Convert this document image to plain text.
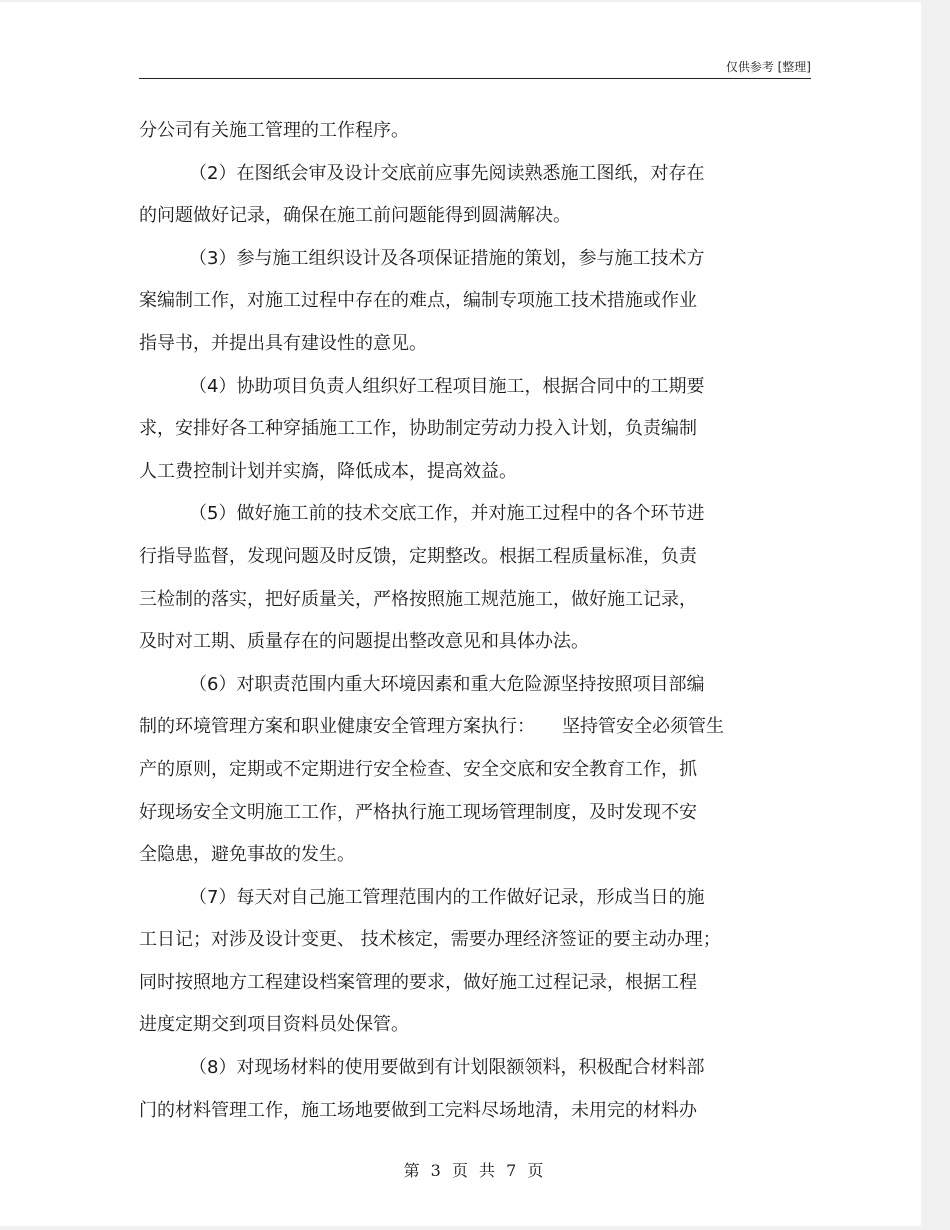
仅供参考 [整理]
分公司有关施工管理的工作程序。
（2）在图纸会审及设计交底前应事先阅读熟悉施工图纸，对存在
的问题做好记录，确保在施工前问题能得到圆满解决。
（3）参与施工组织设计及各项保证措施的策划，参与施工技术方
案编制工作，对施工过程中存在的难点，编制专项施工技术措施或作业
指导书，并提出具有建设性的意见。
（4）协助项目负责人组织好工程项目施工，根据合同中的工期要
求，安排好各工种穿插施工工作，协助制定劳动力投入计划，负责编制
人工费控制计划并实旖，降低成本，提高效益。
（5）做好施工前的技术交底工作，并对施工过程中的各个环节进
行指导监督，发现问题及时反馈，定期整改。根据工程质量标准，负责
三检制的落实，把好质量关，严格按照施工规范施工，做好施工记录，
及时对工期、质量存在的问题提出整改意见和具体办法。
（6）对职责范围内重大环境因素和重大危险源坚持按照项目部编
制的环境管理方案和职业健康安全管理方案执行：　　坚持管安全必须管生
产的原则，定期或不定期进行安全检查、安全交底和安全教育工作，抓
好现场安全文明施工工作，严格执行施工现场管理制度，及时发现不安
全隐患，避免事故的发生。
（7）每天对自己施工管理范围内的工作做好记录，形成当日的施
工日记；对涉及设计变更、 技术核定，需要办理经济签证的要主动办理；
同时按照地方工程建设档案管理的要求，做好施工过程记录，根据工程
进度定期交到项目资料员处保管。
（8）对现场材料的使用要做到有计划限额领料，积极配合材料部
门的材料管理工作，施工场地要做到工完料尽场地清，未用完的材料办
第 3 页 共 7 页
